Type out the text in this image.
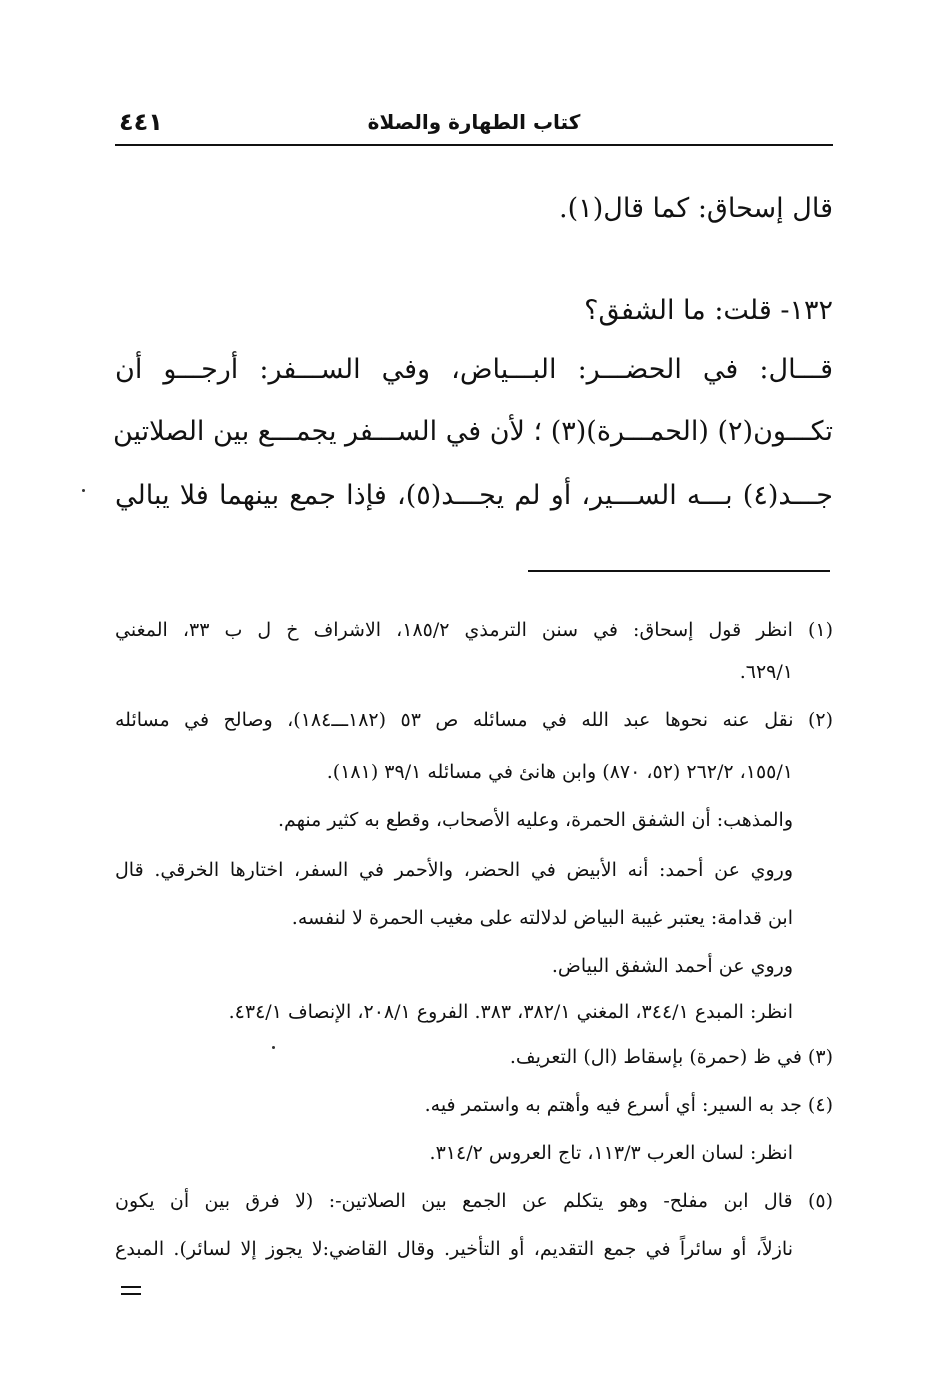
كتاب الطهارة والصلاة
٤٤١
قال إسحاق: كما قال(١).
١٣٢- قلت: ما الشفق؟
قـــال: في الحضـــر: البـــياض، وفي الســـفر: أرجـــو أن
تكـــون(٢) (الحمـــرة)(٣) ؛ لأن في الســـفر يجمـــع بين الصلاتين
جـــد(٤) بـــه الســـير، أو لم يجـــد(٥)، فإذا جمع بينهما فلا يبالي
(١) انظر قول إسحاق: في سنن الترمذي ١٨٥/٢، الاشراف خ ل ب ٣٣، المغني
٦٢٩/١.
(٢) نقل عنه نحوها عبد الله في مسائله ص ٥٣ (١٨٢ـــ١٨٤)، وصالح في مسائله
١٥٥/١، ٢٦٢/٢ (٥٢، ٨٧٠) وابن هانئ في مسائله ٣٩/١ (١٨١).
والمذهب: أن الشفق الحمرة، وعليه الأصحاب، وقطع به كثير منهم.
وروي عن أحمد: أنه الأبيض في الحضر، والأحمر في السفر، اختارها الخرقي. قال
ابن قدامة: يعتبر غيبة البياض لدلالته على مغيب الحمرة لا لنفسه.
وروي عن أحمد الشفق البياض.
انظر: المبدع ٣٤٤/١، المغني ٣٨٢/١، ٣٨٣. الفروع ٢٠٨/١، الإنصاف ٤٣٤/١.
(٣) في ظ (حمرة) بإسقاط (ال) التعريف.
(٤) جد به السير: أي أسرع فيه وأهتم به واستمر فيه.
انظر: لسان العرب ١١٣/٣، تاج العروس ٣١٤/٢.
(٥) قال ابن مفلح- وهو يتكلم عن الجمع بين الصلاتين-: (لا فرق بين أن يكون
نازلاً، أو سائراً في جمع التقديم، أو التأخير. وقال القاضي:لا يجوز إلا لسائر). المبدع
